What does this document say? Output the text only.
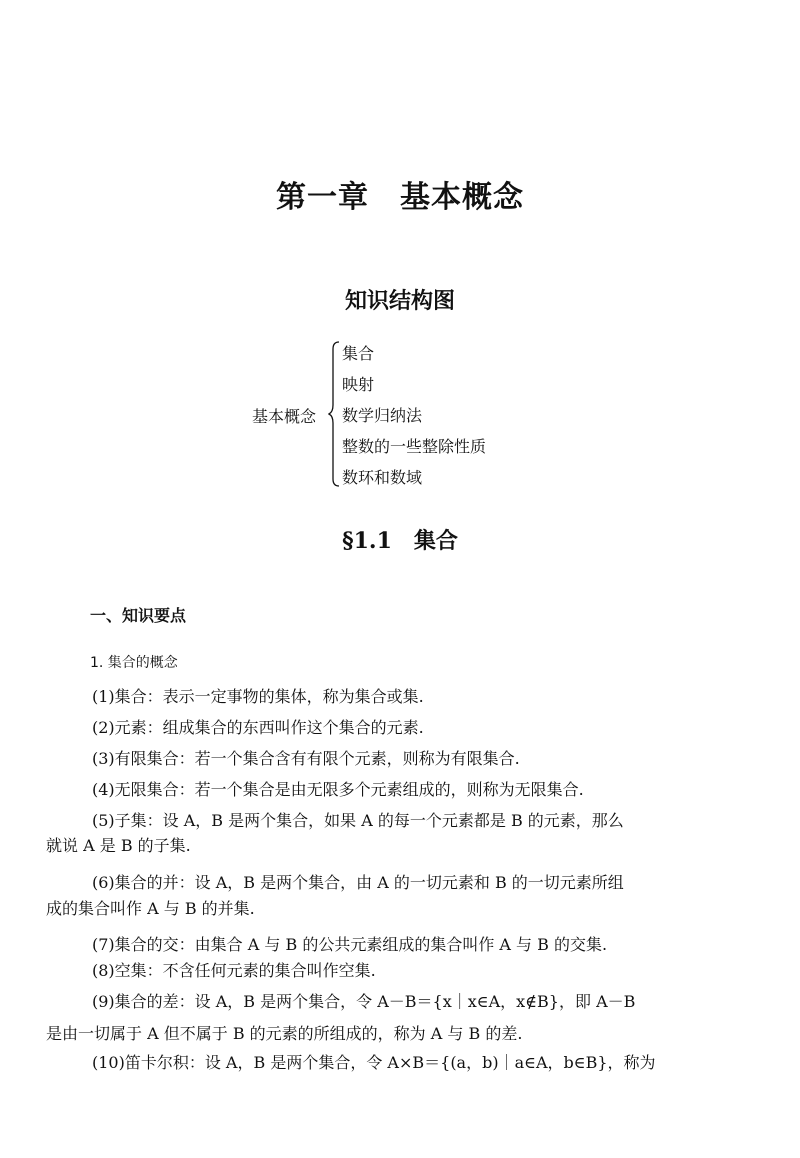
第一章　基本概念
知识结构图
基本概念
集合
映射
数学归纳法
整数的一些整除性质
数环和数域
§1.1 集合
一、知识要点
1. 集合的概念
(1)集合：表示一定事物的集体，称为集合或集.
(2)元素：组成集合的东西叫作这个集合的元素.
(3)有限集合：若一个集合含有有限个元素，则称为有限集合.
(4)无限集合：若一个集合是由无限多个元素组成的，则称为无限集合.
(5)子集：设 A，B 是两个集合，如果 A 的每一个元素都是 B 的元素，那么
就说 A 是 B 的子集.
(6)集合的并：设 A，B 是两个集合，由 A 的一切元素和 B 的一切元素所组
成的集合叫作 A 与 B 的并集.
(7)集合的交：由集合 A 与 B 的公共元素组成的集合叫作 A 与 B 的交集.
(8)空集：不含任何元素的集合叫作空集.
(9)集合的差：设 A，B 是两个集合，令 A－B＝{x｜x∈A，x∉B}，即 A－B
是由一切属于 A 但不属于 B 的元素的所组成的，称为 A 与 B 的差.
(10)笛卡尔积：设 A，B 是两个集合，令 A×B＝{(a，b)｜a∈A，b∈B}，称为
